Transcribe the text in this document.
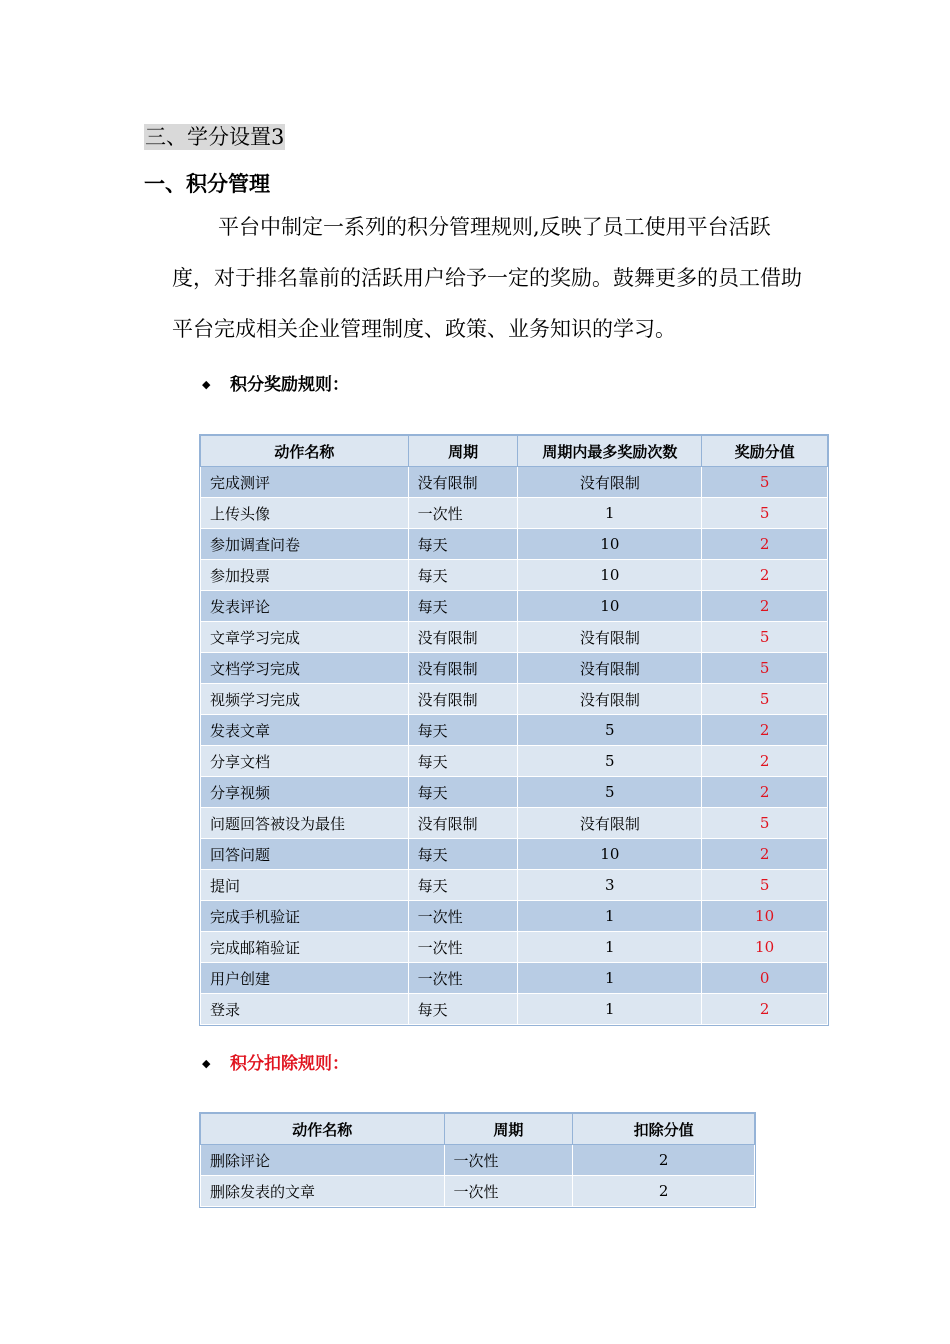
三、学分设置3
一、积分管理
平台中制定一系列的积分管理规则,反映了员工使用平台活跃度，对于排名靠前的活跃用户给予一定的奖励。鼓舞更多的员工借助平台完成相关企业管理制度、政策、业务知识的学习。
◆ 积分奖励规则：
动作名称	周期	周期内最多奖励次数	奖励分值
完成测评	没有限制	没有限制	5
上传头像	一次性	1	5
参加调查问卷	每天	10	2
参加投票	每天	10	2
发表评论	每天	10	2
文章学习完成	没有限制	没有限制	5
文档学习完成	没有限制	没有限制	5
视频学习完成	没有限制	没有限制	5
发表文章	每天	5	2
分享文档	每天	5	2
分享视频	每天	5	2
问题回答被设为最佳	没有限制	没有限制	5
回答问题	每天	10	2
提问	每天	3	5
完成手机验证	一次性	1	10
完成邮箱验证	一次性	1	10
用户创建	一次性	1	0
登录	每天	1	2
◆ 积分扣除规则：
动作名称	周期	扣除分值
删除评论	一次性	2
删除发表的文章	一次性	2
